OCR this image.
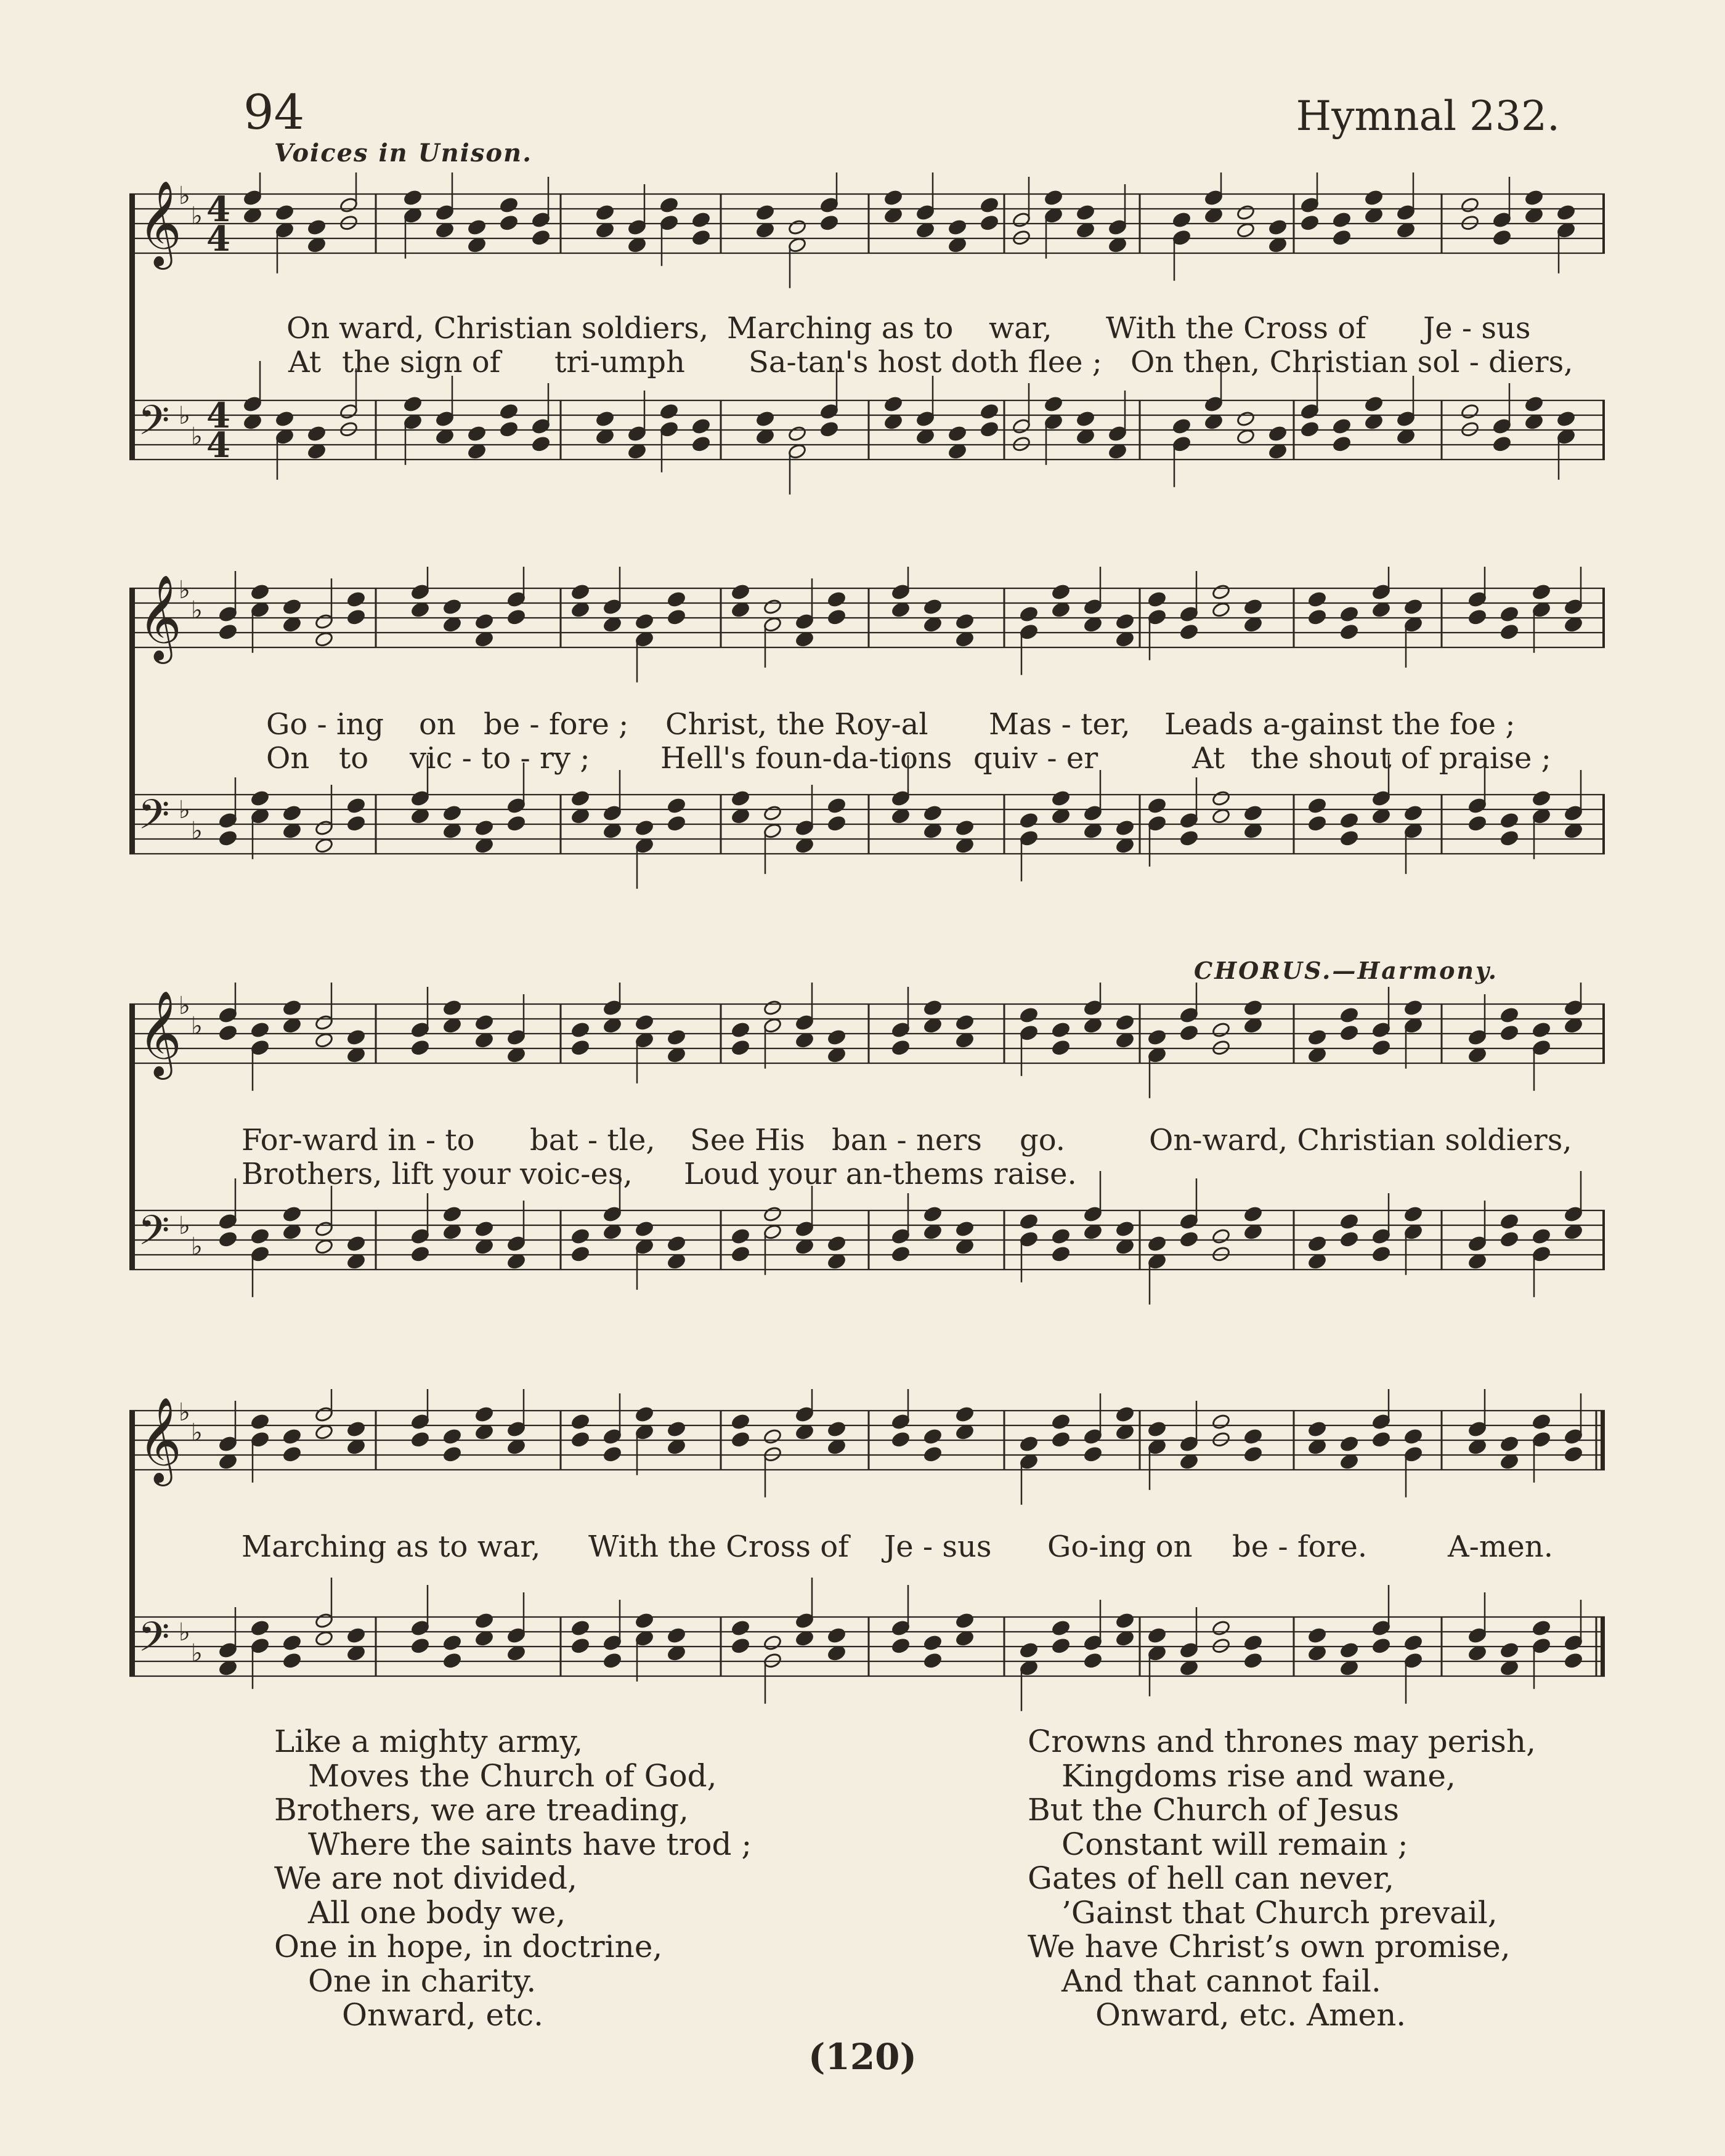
94	Hymnal 232.
Voices in Unison.
CHORUS.—Harmony.
𝄞
♭
♭ 4
4
𝄢 ♭
♭
4
4

On

ward, Christian soldiers,

Marching as to

war,

With the Cross of

Je - sus

At

the sign of

tri-umph

Sa-tan's host doth flee ;

On then, Christian sol - diers,

𝄞
♭
♭
𝄢 ♭
♭

Go - ing

on

be - fore ;

Christ, the Roy-al

Mas - ter,

Leads a-gainst the foe ;

On

to

vic - to - ry ;

Hell's foun-da-tions

quiv - er

	At

the shout of praise ;

𝄞
♭
♭
𝄢 ♭
♭

For-ward in - to

bat - tle,

See His

ban - ners

go.

	On-ward, Christian soldiers,

Brothers, lift your voic-es,

Loud your an-thems raise.

𝄞
♭
♭
𝄢 ♭
♭

Marching as to war,

With the Cross of

Je - sus

Go-ing on

be - fore.

	A-men.

Like a mighty army,
Moves the Church of God,
Brothers, we are treading,
Where the saints have trod ;
We are not divided,
All one body we,
One in hope, in doctrine,
One in charity.
Onward, etc.
Crowns and thrones may perish,
Kingdoms rise and wane,
But the Church of Jesus
Constant will remain ;
Gates of hell can never,
’Gainst that Church prevail,
We have Christ’s own promise,
And that cannot fail.
Onward, etc. Amen.
(120)
